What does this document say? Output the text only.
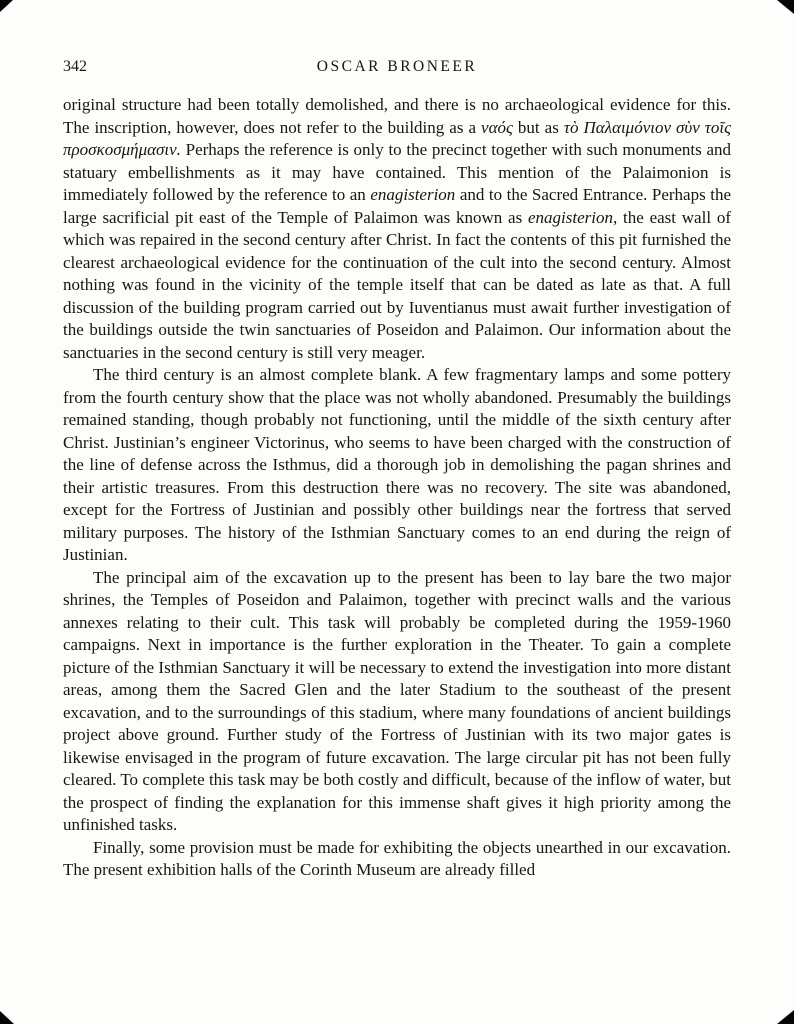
342	OSCAR BRONEER

original structure had been totally demolished, and there is no archaeological evidence for this. The inscription, however, does not refer to the building as a ναός but as τὸ Παλαιμόνιον σὺν τοῖς προσκοσμήμασιν. Perhaps the reference is only to the precinct together with such monuments and statuary embellishments as it may have contained. This mention of the Palaimonion is immediately followed by the reference to an enagisterion and to the Sacred Entrance. Perhaps the large sacrificial pit east of the Temple of Palaimon was known as enagisterion, the east wall of which was repaired in the second century after Christ. In fact the contents of this pit furnished the clearest archaeological evidence for the continuation of the cult into the second century. Almost nothing was found in the vicinity of the temple itself that can be dated as late as that. A full discussion of the building program carried out by Iuventianus must await further investigation of the buildings outside the twin sanctuaries of Poseidon and Palaimon. Our information about the sanctuaries in the second century is still very meager.

The third century is an almost complete blank. A few fragmentary lamps and some pottery from the fourth century show that the place was not wholly abandoned. Presumably the buildings remained standing, though probably not functioning, until the middle of the sixth century after Christ. Justinian’s engineer Victorinus, who seems to have been charged with the construction of the line of defense across the Isthmus, did a thorough job in demolishing the pagan shrines and their artistic treasures. From this destruction there was no recovery. The site was abandoned, except for the Fortress of Justinian and possibly other buildings near the fortress that served military purposes. The history of the Isthmian Sanctuary comes to an end during the reign of Justinian.

The principal aim of the excavation up to the present has been to lay bare the two major shrines, the Temples of Poseidon and Palaimon, together with precinct walls and the various annexes relating to their cult. This task will probably be completed during the 1959-1960 campaigns. Next in importance is the further exploration in the Theater. To gain a complete picture of the Isthmian Sanctuary it will be necessary to extend the investigation into more distant areas, among them the Sacred Glen and the later Stadium to the southeast of the present excavation, and to the surroundings of this stadium, where many foundations of ancient buildings project above ground. Further study of the Fortress of Justinian with its two major gates is likewise envisaged in the program of future excavation. The large circular pit has not been fully cleared. To complete this task may be both costly and difficult, because of the inflow of water, but the prospect of finding the explanation for this immense shaft gives it high priority among the unfinished tasks.

Finally, some provision must be made for exhibiting the objects unearthed in our excavation. The present exhibition halls of the Corinth Museum are already filled
